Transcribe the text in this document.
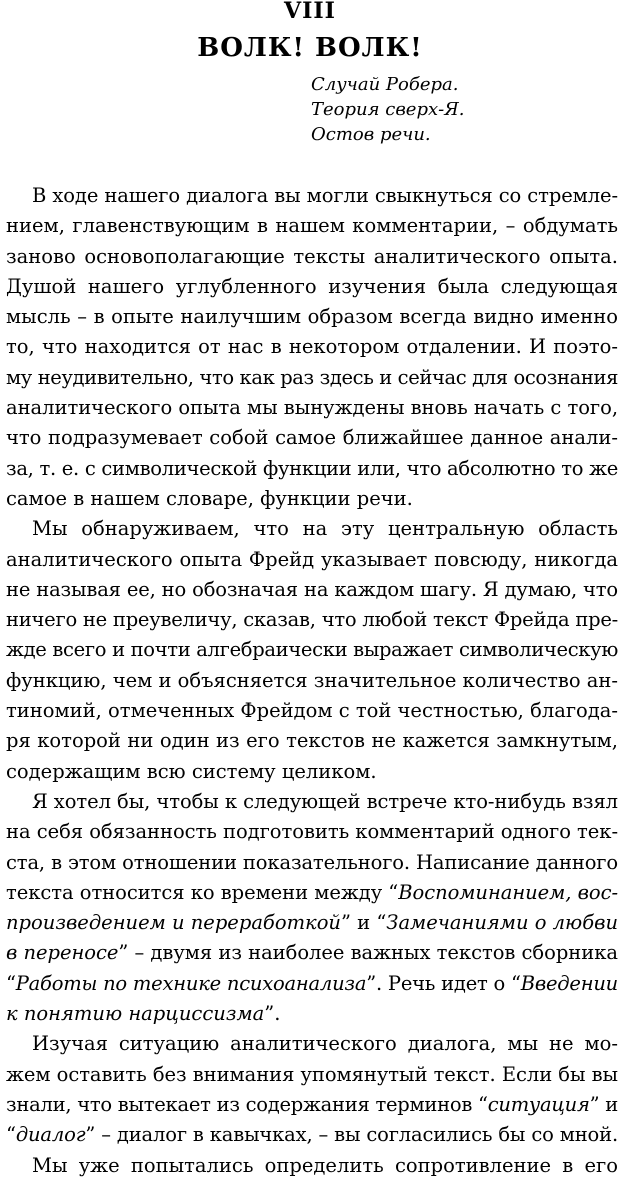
VIII
ВОЛК! ВОЛК!
Случай Робера.
Теория сверх-Я.
Остов речи.
В ходе нашего диалога вы могли свыкнуться со стремле-
нием, главенствующим в нашем комментарии, – обдумать
заново основополагающие тексты аналитического опыта.
Душой нашего углубленного изучения была следующая
мысль – в опыте наилучшим образом всегда видно именно
то, что находится от нас в некотором отдалении. И поэто-
му неудивительно, что как раз здесь и сейчас для осознания
аналитического опыта мы вынуждены вновь начать с того,
что подразумевает собой самое ближайшее данное анали-
за, т. е. с символической функции или, что абсолютно то же
самое в нашем словаре, функции речи.
Мы обнаруживаем, что на эту центральную область
аналитического опыта Фрейд указывает повсюду, никогда
не называя ее, но обозначая на каждом шагу. Я думаю, что
ничего не преувеличу, сказав, что любой текст Фрейда пре-
жде всего и почти алгебраически выражает символическую
функцию, чем и объясняется значительное количество ан-
тиномий, отмеченных Фрейдом с той честностью, благода-
ря которой ни один из его текстов не кажется замкнутым,
содержащим всю систему целиком.
Я хотел бы, чтобы к следующей встрече кто-нибудь взял
на себя обязанность подготовить комментарий одного тек-
ста, в этом отношении показательного. Написание данного
текста относится ко времени между “Воспоминанием, вос-
произведением и переработкой” и “Замечаниями о любви
в переносе” – двумя из наиболее важных текстов сборника
“Работы по технике психоанализа”. Речь идет о “Введении
к понятию нарциссизма”.
Изучая ситуацию аналитического диалога, мы не мо-
жем оставить без внимания упомянутый текст. Если бы вы
знали, что вытекает из содержания терминов “ситуация” и
“диалог” – диалог в кавычках, – вы согласились бы со мной.
Мы уже попытались определить сопротивление в его
